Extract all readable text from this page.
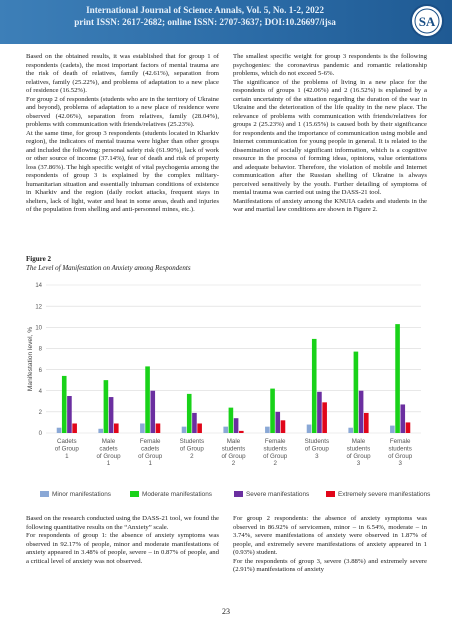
International Journal of Science Annals, Vol. 5, No. 1-2, 2022
print ISSN: 2617-2682; online ISSN: 2707-3637; DOI:10.26697/ijsa	SA

Based on the obtained results, it was established that for group 1 of respondents (cadets), the most important factors of mental trauma are the risk of death of relatives, family (42.61%), separation from relatives, family (25.22%), and problems of adaptation to a new place of residence (16.52%).

For group 2 of respondents (students who are in the territory of Ukraine and beyond), problems of adaptation to a new place of residence were observed (42.06%), separation from relatives, family (28.04%), problems with communication with friends/relatives (25.23%).

At the same time, for group 3 respondents (students located in Kharkiv region), the indicators of mental trauma were higher than other groups and included the following: personal safety risk (61.90%), lack of work or other source of income (37.14%), fear of death and risk of property loss (37.86%). The high specific weight of vital psychogenia among the respondents of group 3 is explained by the complex military-humanitarian situation and essentially inhuman conditions of existence in Kharkiv and the region (daily rocket attacks, frequent stays in shelters, lack of light, water and heat in some areas, death and injuries of the population from shelling and anti-personnel mines, etc.).

The smallest specific weight for group 3 respondents is the following psychogenies: the coronavirus pandemic and romantic relationship problems, which do not exceed 5-6%.

The significance of the problems of living in a new place for the respondents of groups 1 (42.06%) and 2 (16.52%) is explained by a certain uncertainty of the situation regarding the duration of the war in Ukraine and the deterioration of the life quality in the new place. The relevance of problems with communication with friends/relatives for groups 2 (25.23%) and 1 (15.65%) is caused both by their significance for respondents and the importance of communication using mobile and Internet communication for young people in general. It is related to the dissemination of socially significant information, which is a cognitive resource in the process of forming ideas, opinions, value orientations and adequate behavior. Therefore, the violation of mobile and Internet communication after the Russian shelling of Ukraine is always perceived sensitively by the youth. Further detailing of symptoms of mental trauma was carried out using the DASS-21 tool.

Manifestations of anxiety among the KNUIA cadets and students in the war and martial law conditions are shown in Figure 2.

Figure 2
The Level of Manifestation on Anxiety among Respondents
0
2
4
6
8
10
12
14
Manifestation level, %
Cadets of Group 1
Male cadets of Group 1
Female cadets of Group 1
Students of Group 2
Male students of Group 2
Female students of Group 2
Students of Group 3
Male students of Group 3
Female students of Group 3
Minor manifestations	Moderate manifestations	Severe manifestations	Extremely severe manifestations

Based on the research conducted using the DASS-21 tool, we found the following quantitative results on the “Anxiety” scale.

For respondents of group 1: the absence of anxiety symptoms was observed in 92.17% of people, minor and moderate manifestations of anxiety appeared in 3.48% of people, severe – in 0.87% of people, and a critical level of anxiety was not observed.

For group 2 respondents: the absence of anxiety symptoms was observed in 86.92% of servicemen, minor – in 6.54%, moderate – in 3.74%, severe manifestations of anxiety were observed in 1.87% of people, and extremely severe manifestations of anxiety appeared in 1 (0.93%) student.

For the respondents of group 3, severe (3.88%) and extremely severe (2.91%) manifestations of anxiety

23
